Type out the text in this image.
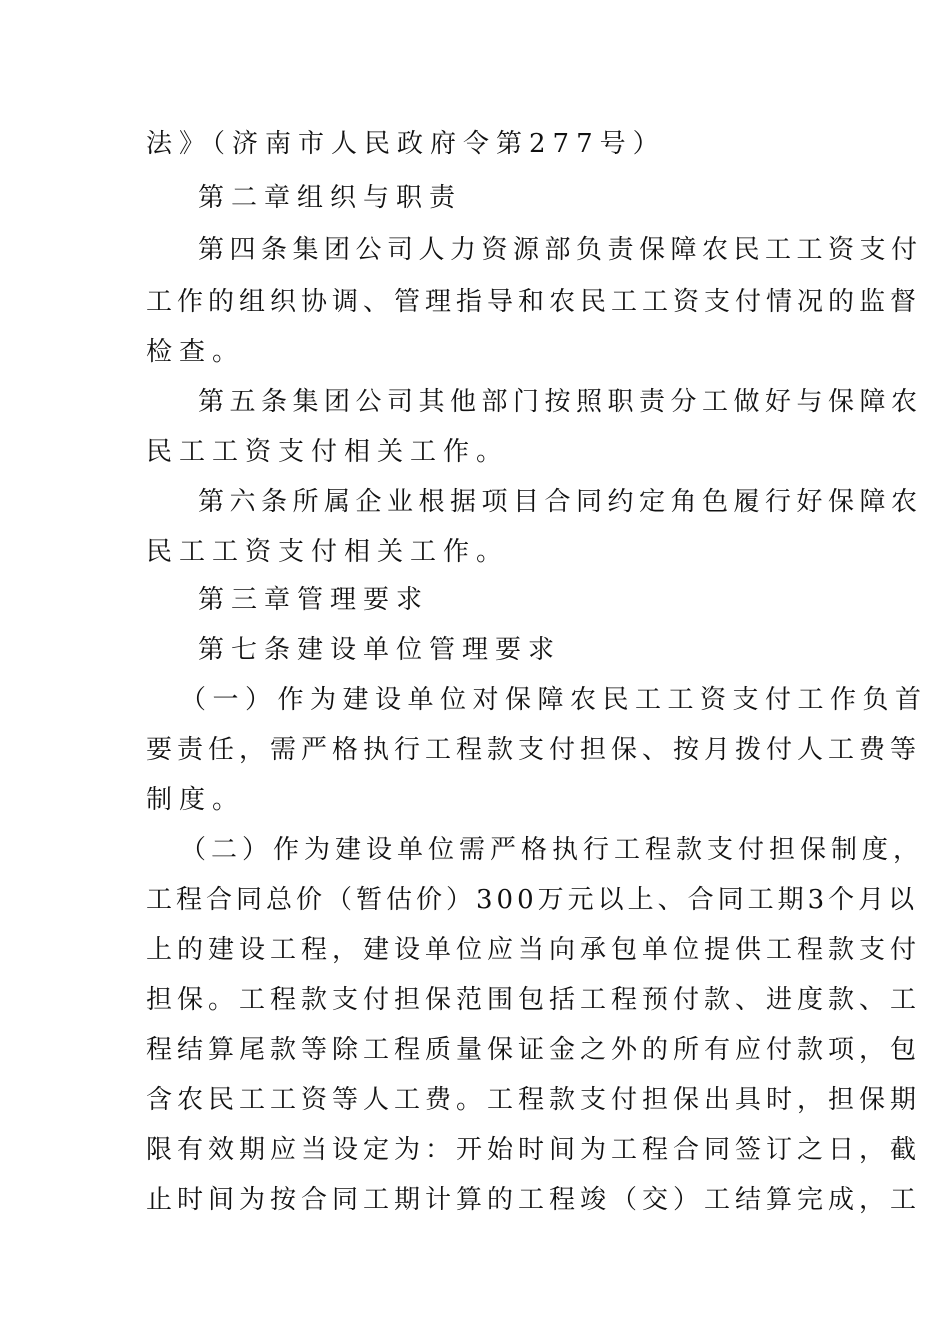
法》（济南市人民政府令第277号）
第二章组织与职责
第四条集团公司人力资源部负责保障农民工工资支付
工作的组织协调、管理指导和农民工工资支付情况的监督
检查。
第五条集团公司其他部门按照职责分工做好与保障农
民工工资支付相关工作。
第六条所属企业根据项目合同约定角色履行好保障农
民工工资支付相关工作。
第三章管理要求
第七条建设单位管理要求
（一）作为建设单位对保障农民工工资支付工作负首
要责任，需严格执行工程款支付担保、按月拨付人工费等
制度。
（二）作为建设单位需严格执行工程款支付担保制度，
工程合同总价（暂估价）300万元以上、合同工期3个月以
上的建设工程，建设单位应当向承包单位提供工程款支付
担保。工程款支付担保范围包括工程预付款、进度款、工
程结算尾款等除工程质量保证金之外的所有应付款项，包
含农民工工资等人工费。工程款支付担保出具时，担保期
限有效期应当设定为：开始时间为工程合同签订之日，截
止时间为按合同工期计算的工程竣（交）工结算完成，工
